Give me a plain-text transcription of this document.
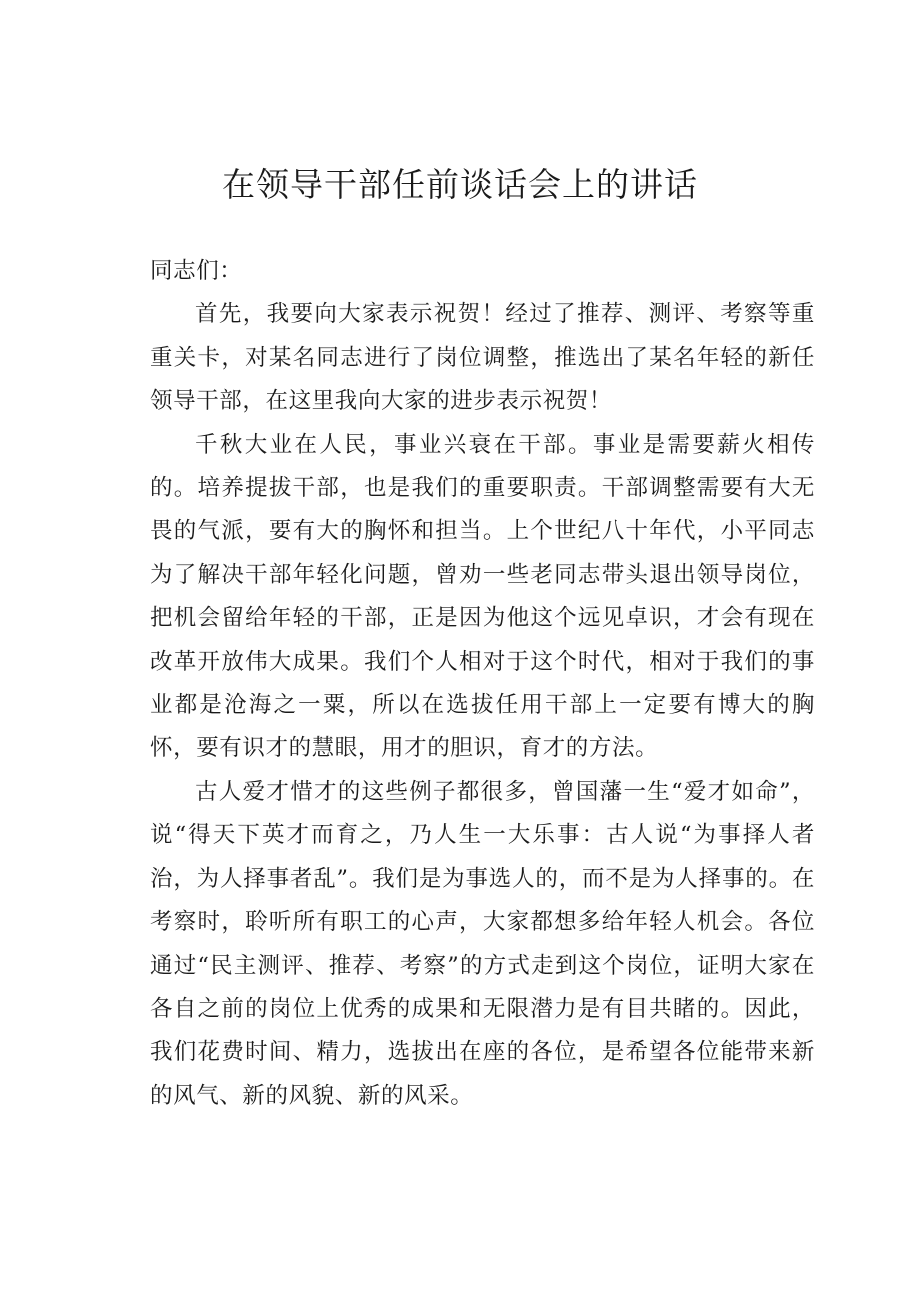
在领导干部任前谈话会上的讲话

同志们：

首先，我要向大家表示祝贺！经过了推荐、测评、考察等重重关卡，对某名同志进行了岗位调整，推选出了某名年轻的新任领导干部，在这里我向大家的进步表示祝贺！

千秋大业在人民，事业兴衰在干部。事业是需要薪火相传的。培养提拔干部，也是我们的重要职责。干部调整需要有大无畏的气派，要有大的胸怀和担当。上个世纪八十年代，小平同志为了解决干部年轻化问题，曾劝一些老同志带头退出领导岗位，把机会留给年轻的干部，正是因为他这个远见卓识，才会有现在改革开放伟大成果。我们个人相对于这个时代，相对于我们的事业都是沧海之一粟，所以在选拔任用干部上一定要有博大的胸怀，要有识才的慧眼，用才的胆识，育才的方法。

古人爱才惜才的这些例子都很多，曾国藩一生“爱才如命”，说“得天下英才而育之，乃人生一大乐事：古人说“为事择人者治，为人择事者乱”。我们是为事选人的，而不是为人择事的。在考察时，聆听所有职工的心声，大家都想多给年轻人机会。各位通过“民主测评、推荐、考察”的方式走到这个岗位，证明大家在各自之前的岗位上优秀的成果和无限潜力是有目共睹的。因此，我们花费时间、精力，选拔出在座的各位，是希望各位能带来新的风气、新的风貌、新的风采。
